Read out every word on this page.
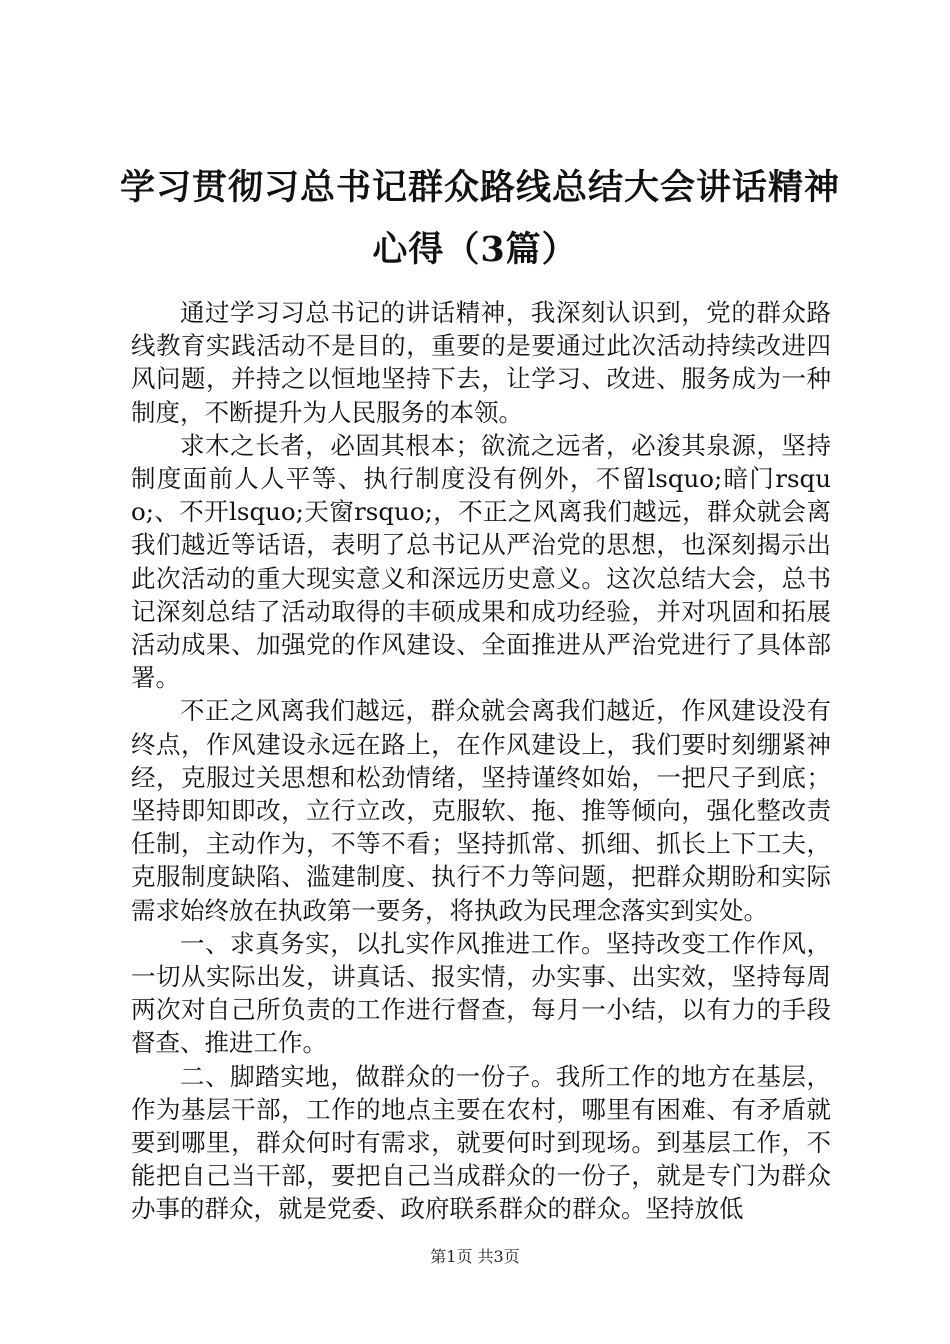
学习贯彻习总书记群众路线总结大会讲话精神
心得（3篇）

通过学习习总书记的讲话精神，我深刻认识到，党的群众路线教育实践活动不是目的，重要的是要通过此次活动持续改进四风问题，并持之以恒地坚持下去，让学习、改进、服务成为一种制度，不断提升为人民服务的本领。

求木之长者，必固其根本；欲流之远者，必浚其泉源，坚持制度面前人人平等、执行制度没有例外，不留lsquo;暗门rsquo;、不开lsquo;天窗rsquo;，不正之风离我们越远，群众就会离我们越近等话语，表明了总书记从严治党的思想，也深刻揭示出此次活动的重大现实意义和深远历史意义。这次总结大会，总书记深刻总结了活动取得的丰硕成果和成功经验，并对巩固和拓展活动成果、加强党的作风建设、全面推进从严治党进行了具体部署。

不正之风离我们越远，群众就会离我们越近，作风建设没有终点，作风建设永远在路上，在作风建设上，我们要时刻绷紧神经，克服过关思想和松劲情绪，坚持谨终如始，一把尺子到底；坚持即知即改，立行立改，克服软、拖、推等倾向，强化整改责任制，主动作为，不等不看；坚持抓常、抓细、抓长上下工夫，克服制度缺陷、滥建制度、执行不力等问题，把群众期盼和实际需求始终放在执政第一要务，将执政为民理念落实到实处。

一、求真务实，以扎实作风推进工作。坚持改变工作作风，一切从实际出发，讲真话、报实情，办实事、出实效，坚持每周两次对自己所负责的工作进行督查，每月一小结，以有力的手段督查、推进工作。

二、脚踏实地，做群众的一份子。我所工作的地方在基层，作为基层干部，工作的地点主要在农村，哪里有困难、有矛盾就要到哪里，群众何时有需求，就要何时到现场。到基层工作，不能把自己当干部，要把自己当成群众的一份子，就是专门为群众办事的群众，就是党委、政府联系群众的群众。坚持放低

第1页 共3页
